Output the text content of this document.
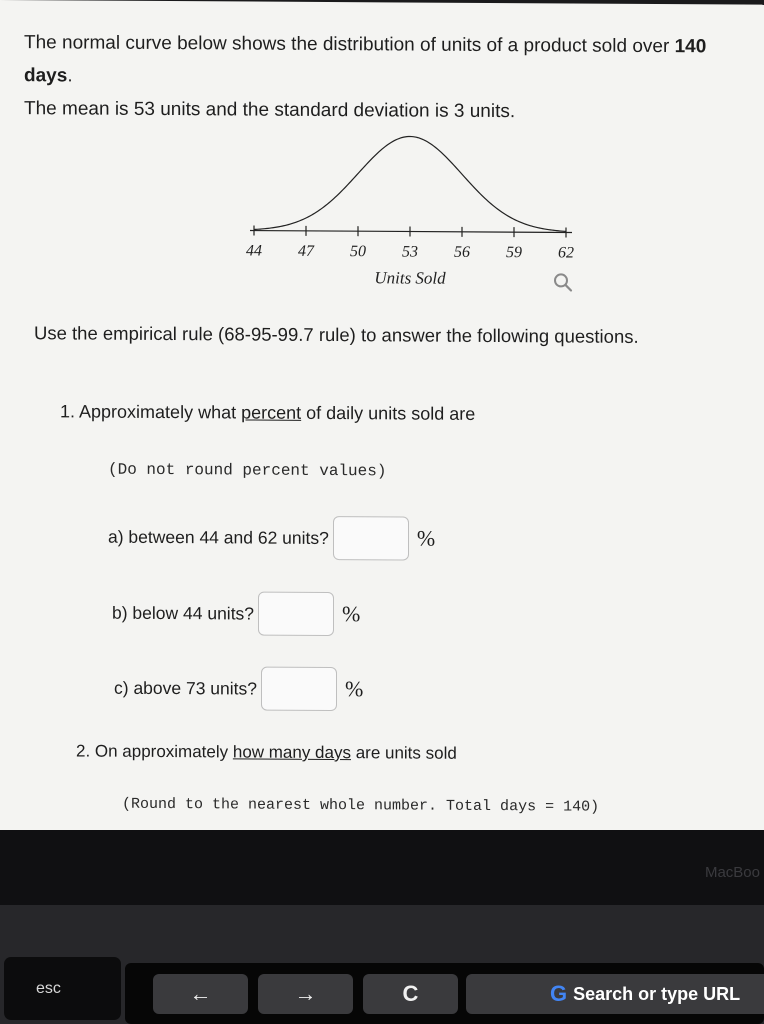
The normal curve below shows the distribution of units of a product sold over 140 days.
The mean is 53 units and the standard deviation is 3 units.
44 47 50 53 56 59 62
Units Sold
Use the empirical rule (68-95-99.7 rule) to answer the following questions.
1. Approximately what percent of daily units sold are
(Do not round percent values)
a) between 44 and 62 units?	%
b) below 44 units?	%
c) above 73 units?	%
2. On approximately how many days are units sold
(Round to the nearest whole number. Total days = 140)
MacBoo
esc	←	→	C	G Search or type URL
